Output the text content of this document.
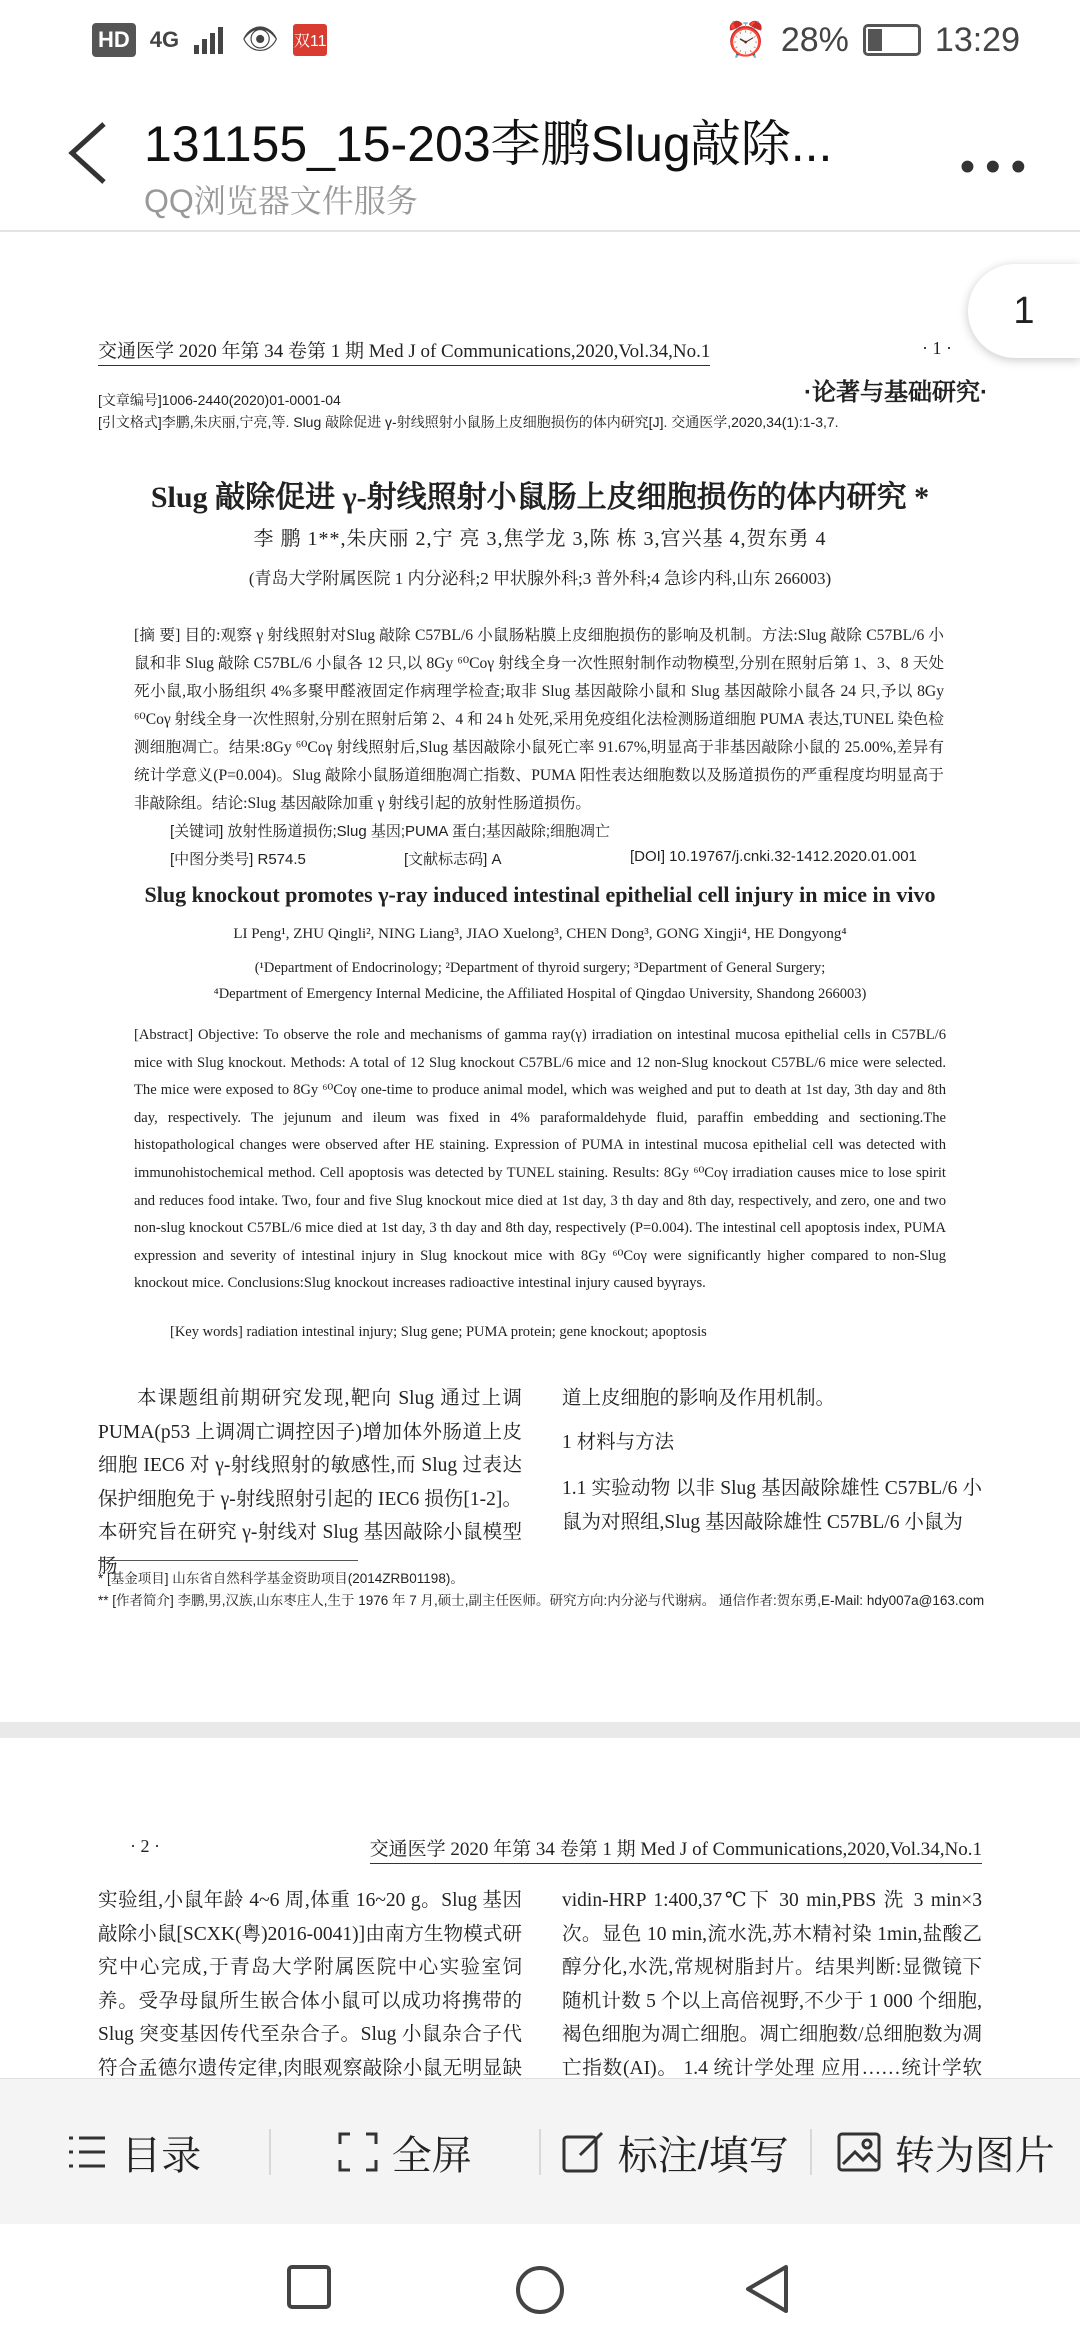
HD 4G 👁 双11	⏰ 28%	13:29
131155_15-203李鹏Slug敲除...
QQ浏览器文件服务
•••
交通医学 2020 年第 34 卷第 1 期 Med J of Communications,2020,Vol.34,No.1	· 1 ·
·论著与基础研究·
[文章编号]1006-2440(2020)01-0001-04
[引文格式]李鹏,朱庆丽,宁亮,等. Slug 敲除促进 γ-射线照射小鼠肠上皮细胞损伤的体内研究[J]. 交通医学,2020,34(1):1-3,7.
Slug 敲除促进 γ-射线照射小鼠肠上皮细胞损伤的体内研究 *
李 鹏 1**,朱庆丽 2,宁 亮 3,焦学龙 3,陈 栋 3,宫兴基 4,贺东勇 4
(青岛大学附属医院 1 内分泌科;2 甲状腺外科;3 普外科;4 急诊内科,山东 266003)
[摘 要] 目的:观察 γ 射线照射对Slug 敲除 C57BL/6 小鼠肠粘膜上皮细胞损伤的影响及机制。方法:Slug 敲除 C57BL/6 小鼠和非 Slug 敲除 C57BL/6 小鼠各 12 只,以 8Gy ⁶⁰Coγ 射线全身一次性照射制作动物模型,分别在照射后第 1、3、8 天处死小鼠,取小肠组织 4%多聚甲醛液固定作病理学检查;取非 Slug 基因敲除小鼠和 Slug 基因敲除小鼠各 24 只,予以 8Gy ⁶⁰Coγ 射线全身一次性照射,分别在照射后第 2、4 和 24 h 处死,采用免疫组化法检测肠道细胞 PUMA 表达,TUNEL 染色检测细胞凋亡。结果:8Gy ⁶⁰Coγ 射线照射后,Slug 基因敲除小鼠死亡率 91.67%,明显高于非基因敲除小鼠的 25.00%,差异有统计学意义(P=0.004)。Slug 敲除小鼠肠道细胞凋亡指数、PUMA 阳性表达细胞数以及肠道损伤的严重程度均明显高于非敲除组。结论:Slug 基因敲除加重 γ 射线引起的放射性肠道损伤。
[关键词] 放射性肠道损伤;Slug 基因;PUMA 蛋白;基因敲除;细胞凋亡
[中图分类号] R574.5	[文献标志码] A	[DOI] 10.19767/j.cnki.32-1412.2020.01.001
Slug knockout promotes γ-ray induced intestinal epithelial cell injury in mice in vivo
LI Peng¹, ZHU Qingli², NING Liang³, JIAO Xuelong³, CHEN Dong³, GONG Xingji⁴, HE Dongyong⁴
(¹Department of Endocrinology; ²Department of thyroid surgery; ³Department of General Surgery;
⁴Department of Emergency Internal Medicine, the Affiliated Hospital of Qingdao University, Shandong 266003)
[Abstract] Objective: To observe the role and mechanisms of gamma ray(γ) irradiation on intestinal mucosa epithelial cells in C57BL/6 mice with Slug knockout. Methods: A total of 12 Slug knockout C57BL/6 mice and 12 non-Slug knockout C57BL/6 mice were selected. The mice were exposed to 8Gy ⁶⁰Coγ one-time to produce animal model, which was weighed and put to death at 1st day, 3th day and 8th day, respectively. The jejunum and ileum was fixed in 4% paraformaldehyde fluid, paraffin embedding and sectioning.The histopathological changes were observed after HE staining. Expression of PUMA in intestinal mucosa epithelial cell was detected with immunohistochemical method. Cell apoptosis was detected by TUNEL staining. Results: 8Gy ⁶⁰Coγ irradiation causes mice to lose spirit and reduces food intake. Two, four and five Slug knockout mice died at 1st day, 3 th day and 8th day, respectively, and zero, one and two non-slug knockout C57BL/6 mice died at 1st day, 3 th day and 8th day, respectively (P=0.004). The intestinal cell apoptosis index, PUMA expression and severity of intestinal injury in Slug knockout mice with 8Gy ⁶⁰Coγ were significantly higher compared to non-Slug knockout mice. Conclusions:Slug knockout increases radioactive intestinal injury caused byγrays.
[Key words] radiation intestinal injury; Slug gene; PUMA protein; gene knockout; apoptosis
本课题组前期研究发现,靶向 Slug 通过上调 PUMA(p53 上调凋亡调控因子)增加体外肠道上皮细胞 IEC6 对 γ-射线照射的敏感性,而 Slug 过表达保护细胞免于 γ-射线照射引起的 IEC6 损伤[1-2]。本研究旨在研究 γ-射线对 Slug 基因敲除小鼠模型肠
道上皮细胞的影响及作用机制。
1 材料与方法
1.1 实验动物 以非 Slug 基因敲除雄性 C57BL/6 小鼠为对照组,Slug 基因敲除雄性 C57BL/6 小鼠为
* [基金项目] 山东省自然科学基金资助项目(2014ZRB01198)。
** [作者简介] 李鹏,男,汉族,山东枣庄人,生于 1976 年 7 月,硕士,副主任医师。研究方向:内分泌与代谢病。 通信作者:贺东勇,E-Mail: hdy007a@163.com
· 2 ·	交通医学 2020 年第 34 卷第 1 期 Med J of Communications,2020,Vol.34,No.1
实验组,小鼠年龄 4~6 周,体重 16~20 g。Slug 基因敲除小鼠[SCXK(粤)2016-0041)]由南方生物模式研究中心完成,于青岛大学附属医院中心实验室饲养。受孕母鼠所生嵌合体小鼠可以成功将携带的 Slug 突变基因传代至杂合子。Slug 小鼠杂合子代符合孟德尔遗传定律,肉眼观察敲除小鼠无明显缺
vidin-HRP 1:400,37℃下 30 min,PBS 洗 3 min×3 次。显色 10 min,流水洗,苏木精衬染 1min,盐酸乙醇分化,水洗,常规树脂封片。结果判断:显微镜下随机计数 5 个以上高倍视野,不少于 1 000 个细胞,褐色细胞为凋亡细胞。凋亡细胞数/总细胞数为凋亡指数(AI)。 1.4 统计学处理 应用……统计学软
1
目录	全屏	标注/填写	转为图片
